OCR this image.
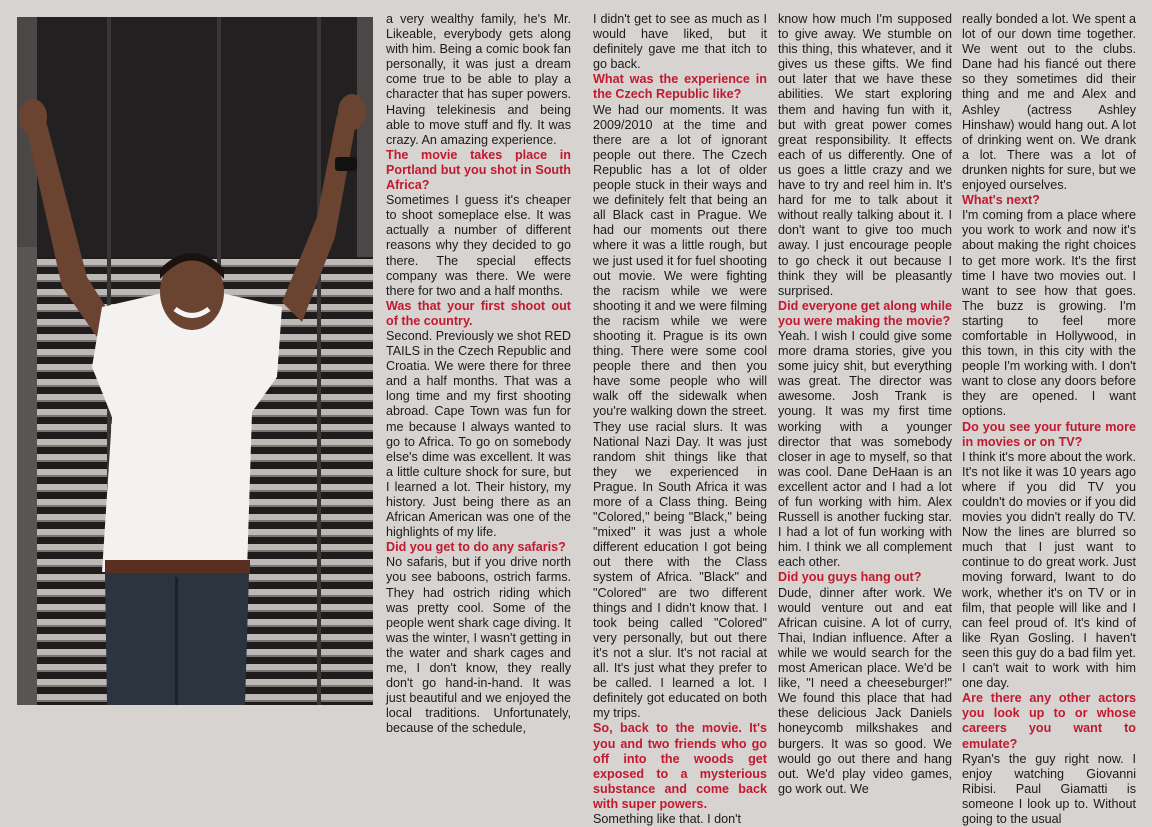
a very wealthy family, he's Mr. Likeable, everybody gets along with him. Being a comic book fan personally, it was just a dream come true to be able to play a character that has super powers. Having telekinesis and being able to move stuff and fly. It was crazy. An amazing experience.

The movie takes place in Portland but you shot in South Africa?

Sometimes I guess it's cheaper to shoot someplace else. It was actually a number of different reasons why they decided to go there. The special effects company was there. We were there for two and a half months.

Was that your first shoot out of the country.

Second. Previously we shot RED TAILS in the Czech Republic and Croatia. We were there for three and a half months. That was a long time and my first shooting abroad. Cape Town was fun for me because I always wanted to go to Africa. To go on somebody else's dime was excellent. It was a little culture shock for sure, but I learned a lot. Their history, my history. Just being there as an African American was one of the highlights of my life.

Did you get to do any safaris?

No safaris, but if you drive north you see baboons, ostrich farms. They had ostrich riding which was pretty cool. Some of the people went shark cage diving. It was the winter, I wasn't getting in the water and shark cages and me, I don't know, they really don't go hand-in-hand. It was just beautiful and we enjoyed the local traditions. Unfortunately, because of the schedule,

I didn't get to see as much as I would have liked, but it definitely gave me that itch to go back.

What was the experience in the Czech Republic like?

We had our moments. It was 2009/2010 at the time and there are a lot of ignorant people out there. The Czech Republic has a lot of older people stuck in their ways and we definitely felt that being an all Black cast in Prague. We had our moments out there where it was a little rough, but we just used it for fuel shooting out movie. We were fighting the racism while we were shooting it and we were filming the racism while we were shooting it. Prague is its own thing. There were some cool people there and then you have some people who will walk off the sidewalk when you're walking down the street. They use racial slurs. It was National Nazi Day. It was just random shit things like that they we experienced in Prague. In South Africa it was more of a Class thing. Being "Colored," being "Black," being "mixed" it was just a whole different education I got being out there with the Class system of Africa. "Black" and "Colored" are two different things and I didn't know that. I took being called "Colored" very personally, but out there it's not a slur. It's not racial at all. It's just what they prefer to be called. I learned a lot. I definitely got educated on both my trips.

So, back to the movie. It's you and two friends who go off into the woods get exposed to a mysterious substance and come back with super powers.

Something like that. I don't

know how much I'm supposed to give away. We stumble on this thing, this whatever, and it gives us these gifts. We find out later that we have these abilities. We start exploring them and having fun with it, but with great power comes great responsibility. It effects each of us differently. One of us goes a little crazy and we have to try and reel him in. It's hard for me to talk about it without really talking about it. I don't want to give too much away. I just encourage people to go check it out because I think they will be pleasantly surprised.

Did everyone get along while you were making the movie?

Yeah. I wish I could give some more drama stories, give you some juicy shit, but everything was great. The director was awesome. Josh Trank is young. It was my first time working with a younger director that was somebody closer in age to myself, so that was cool. Dane DeHaan is an excellent actor and I had a lot of fun working with him. Alex Russell is another fucking star. I had a lot of fun working with him. I think we all complement each other.

Did you guys hang out?

Dude, dinner after work. We would venture out and eat African cuisine. A lot of curry, Thai, Indian influence. After a while we would search for the most American place. We'd be like, "I need a cheeseburger!" We found this place that had these delicious Jack Daniels honeycomb milkshakes and burgers. It was so good. We would go out there and hang out. We'd play video games, go work out. We

really bonded a lot. We spent a lot of our down time together. We went out to the clubs. Dane had his fiancé out there so they sometimes did their thing and me and Alex and Ashley (actress Ashley Hinshaw) would hang out. A lot of drinking went on. We drank a lot. There was a lot of drunken nights for sure, but we enjoyed ourselves.

What's next?

I'm coming from a place where you work to work and now it's about making the right choices to get more work. It's the first time I have two movies out. I want to see how that goes. The buzz is growing. I'm starting to feel more comfortable in Hollywood, in this town, in this city with the people I'm working with. I don't want to close any doors before they are opened. I want options.

Do you see your future more in movies or on TV?

I think it's more about the work. It's not like it was 10 years ago where if you did TV you couldn't do movies or if you did movies you didn't really do TV. Now the lines are blurred so much that I just want to continue to do great work. Just moving forward, Iwant to do work, whether it's on TV or in film, that people will like and I can feel proud of. It's kind of like Ryan Gosling. I haven't seen this guy do a bad film yet. I can't wait to work with him one day.

Are there any other actors you look up to or whose careers you want to emulate?

Ryan's the guy right now. I enjoy watching Giovanni Ribisi. Paul Giamatti is someone I look up to. Without going to the usual
